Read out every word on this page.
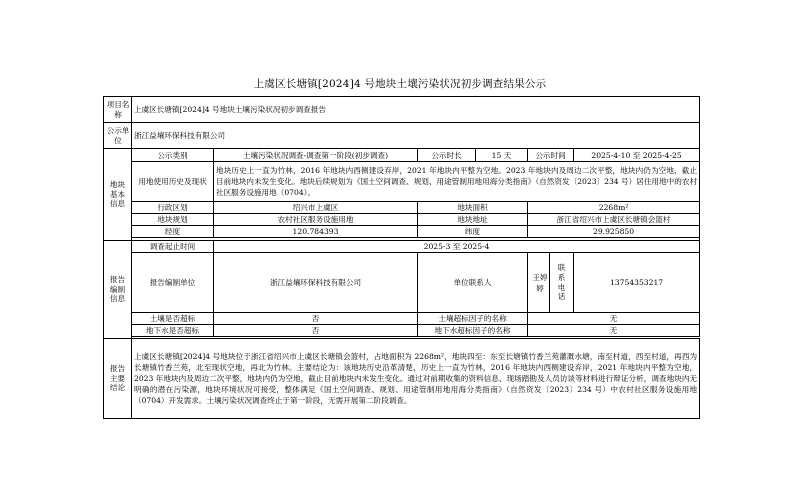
上虞区长塘镇[2024]4 号地块土壤污染状况初步调查结果公示
项目名称	上虞区长塘镇[2024]4 号地块土壤污染状况初步调查报告						

公示单位	浙江益壤环保科技有限公司						

地块基本信息	公示类别	土壤污染状况调查-调查第一阶段(初步调查)	公示时长	15 天	公示时间		2025-4-10 至 2025-4-25
	用地使用历史及现状	地块历史上一直为竹林，2016 年地块内西侧建设弃岸，2021 年地块内平整为空地。2023 年地块内及周边二次平整，地块内仍为空地，截止目前地块内未发生变化。地块后续规划为《国土空间调查、规划、用途管制用地用海分类指南》（自然资发〔2023〕234 号）居住用地中的农村社区服务设施用地（0704）。					
	行政区划	绍兴市上虞区	地块面积		2268m²		
	地块规划	农村社区服务设施用地	地块地址		浙江省绍兴市上虞区长塘镇会篮村		
	经度	120.784393	纬度		29.925850		

报告编制信息	调查起止时间	2025-3 至 2025-4					
	报告编制单位	浙江益壤环保科技有限公司	单位联系人		王婷婷	联系电话	13754353217
	土壤是否超标	否	土壤超标因子的名称		无		
	地下水是否超标	否	地下水超标因子的名称		无		

报告主要结论	上虞区长塘镇[2024]4 号地块位于浙江省绍兴市上虞区长塘镇会篮村，占地面积为 2268m²，地块四至：东至长塘镇竹香兰苑灌溉水塘，南至村道，西至村道，再西为长塘镇竹香兰苑，北至现状空地，再北为竹林。主要结论为：该地块历史沿革清楚，历史上一直为竹林，2016 年地块内西侧建设弃岸，2021 年地块内平整为空地，2023 年地块内及周边二次平整，地块内仍为空地，截止目前地块内未发生变化。通过对前期收集的资料信息、现场踏勘及人员访谈等材料进行辩证分析，调查地块内无明确的潜在污染源，地块环境状况可接受，整体满足《国土空间调查、规划、用途管制用地用海分类指南》（自然资发〔2023〕234 号）中农村社区服务设施用地（0704）开发需求。土壤污染状况调查终止于第一阶段，无需开展第二阶段调查。						
